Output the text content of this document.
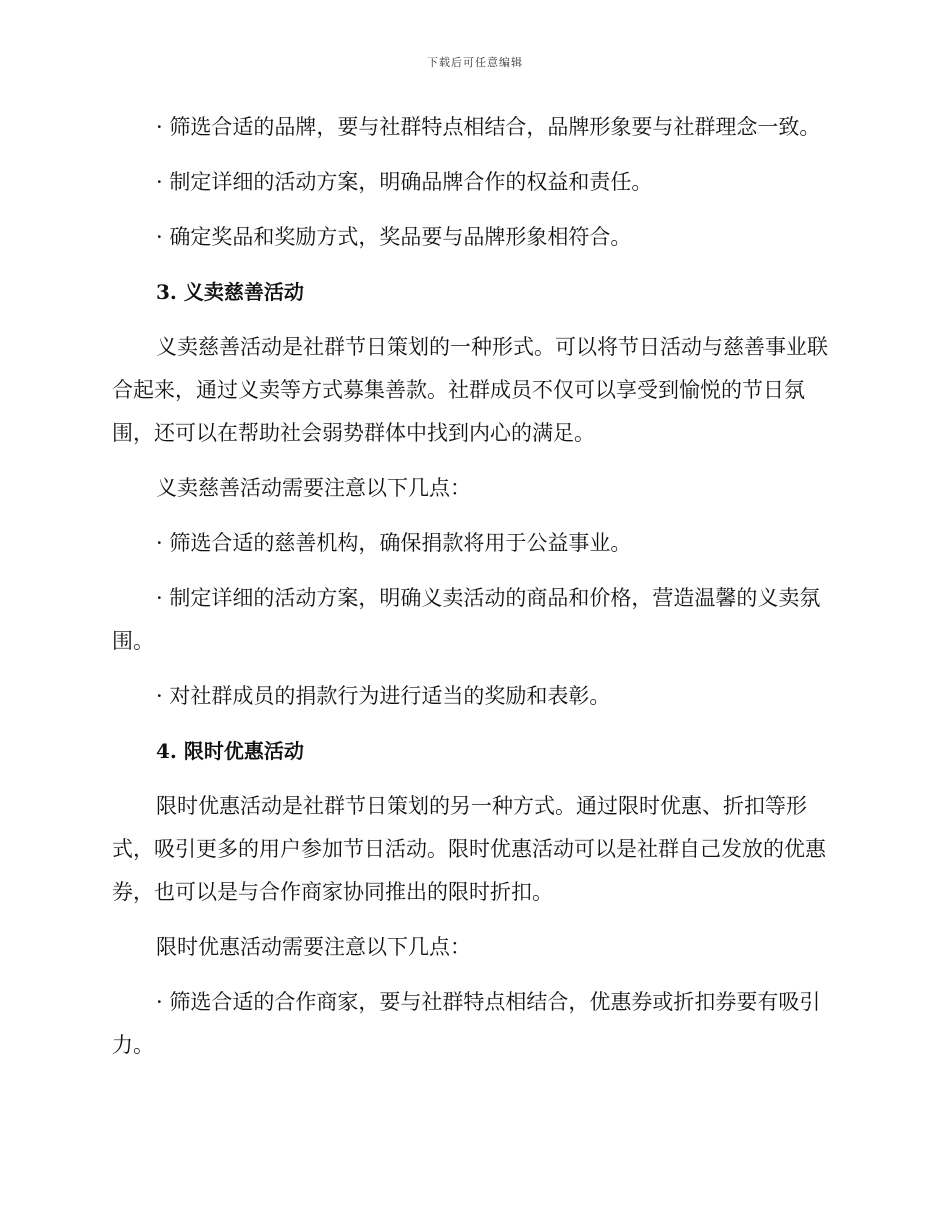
下载后可任意编辑

· 筛选合适的品牌，要与社群特点相结合，品牌形象要与社群理念一致。

· 制定详细的活动方案，明确品牌合作的权益和责任。

· 确定奖品和奖励方式，奖品要与品牌形象相符合。

3. 义卖慈善活动

义卖慈善活动是社群节日策划的一种形式。可以将节日活动与慈善事业联合起来，通过义卖等方式募集善款。社群成员不仅可以享受到愉悦的节日氛围，还可以在帮助社会弱势群体中找到内心的满足。

义卖慈善活动需要注意以下几点：

· 筛选合适的慈善机构，确保捐款将用于公益事业。

· 制定详细的活动方案，明确义卖活动的商品和价格，营造温馨的义卖氛围。

· 对社群成员的捐款行为进行适当的奖励和表彰。

4. 限时优惠活动

限时优惠活动是社群节日策划的另一种方式。通过限时优惠、折扣等形式，吸引更多的用户参加节日活动。限时优惠活动可以是社群自己发放的优惠券，也可以是与合作商家协同推出的限时折扣。

限时优惠活动需要注意以下几点：

· 筛选合适的合作商家，要与社群特点相结合，优惠券或折扣券要有吸引力。
